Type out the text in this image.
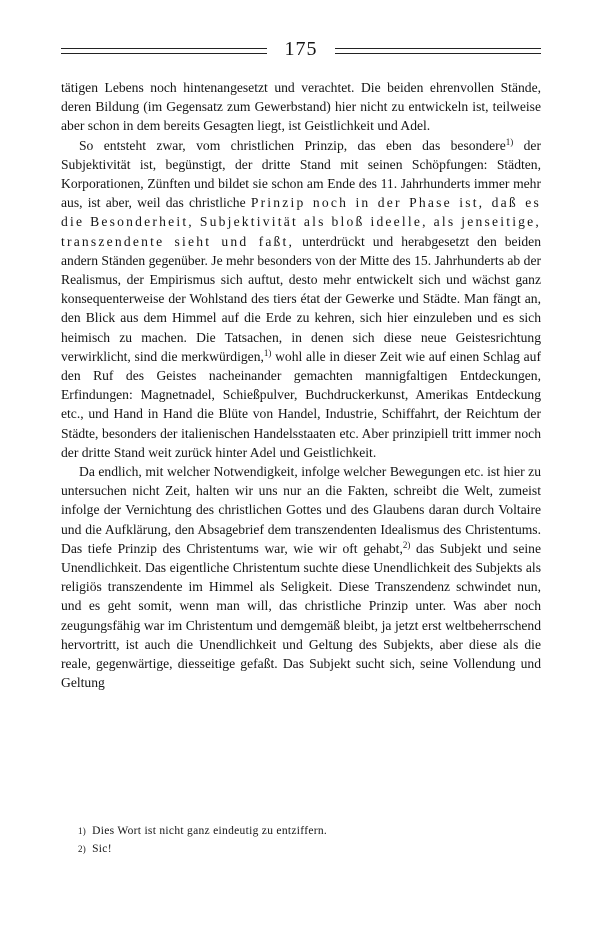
175

tätigen Lebens noch hintenangesetzt und verachtet. Die beiden ehrenvollen Stände, deren Bildung (im Gegensatz zum Gewerbstand) hier nicht zu entwickeln ist, teilweise aber schon in dem bereits Gesagten liegt, ist Geistlichkeit und Adel.

So entsteht zwar, vom christlichen Prinzip, das eben das besondere$^{1)}$ der Subjektivität ist, begünstigt, der dritte Stand mit seinen Schöpfungen: Städten, Korporationen, Zünften und bildet sie schon am Ende des 11. Jahrhunderts immer mehr aus, ist aber, weil das christliche Prinzip noch in der Phase ist, daß es die Besonderheit, Subjektivität als bloß ideelle, als jenseitige, transzendente sieht und faßt, unterdrückt und herabgesetzt den beiden andern Ständen gegenüber. Je mehr besonders von der Mitte des 15. Jahrhunderts ab der Realismus, der Empirismus sich auftut, desto mehr entwickelt sich und wächst ganz konsequenterweise der Wohlstand des tiers état der Gewerke und Städte. Man fängt an, den Blick aus dem Himmel auf die Erde zu kehren, sich hier einzuleben und es sich heimisch zu machen. Die Tatsachen, in denen sich diese neue Geistesrichtung verwirklicht, sind die merkwürdigen,$^{1)}$ wohl alle in dieser Zeit wie auf einen Schlag auf den Ruf des Geistes nacheinander gemachten mannigfaltigen Entdeckungen, Erfindungen: Magnetnadel, Schießpulver, Buchdruckerkunst, Amerikas Entdeckung etc., und Hand in Hand die Blüte von Handel, Industrie, Schiffahrt, der Reichtum der Städte, besonders der italienischen Handelsstaaten etc. Aber prinzipiell tritt immer noch der dritte Stand weit zurück hinter Adel und Geistlichkeit.

Da endlich, mit welcher Notwendigkeit, infolge welcher Bewegungen etc. ist hier zu untersuchen nicht Zeit, halten wir uns nur an die Fakten, schreibt die Welt, zumeist infolge der Vernichtung des christlichen Gottes und des Glaubens daran durch Voltaire und die Aufklärung, den Absagebrief dem transzendenten Idealismus des Christentums. Das tiefe Prinzip des Christentums war, wie wir oft gehabt,$^{2)}$ das Subjekt und seine Unendlichkeit. Das eigentliche Christentum suchte diese Unendlichkeit des Subjekts als religiös transzendente im Himmel als Seligkeit. Diese Transzendenz schwindet nun, und es geht somit, wenn man will, das christliche Prinzip unter. Was aber noch zeugungsfähig war im Christentum und demgemäß bleibt, ja jetzt erst weltbeherrschend hervortritt, ist auch die Unendlichkeit und Geltung des Subjekts, aber diese als die reale, gegenwärtige, diesseitige gefaßt. Das Subjekt sucht sich, seine Vollendung und Geltung

1) Dies Wort ist nicht ganz eindeutig zu entziffern.
2) Sic!
